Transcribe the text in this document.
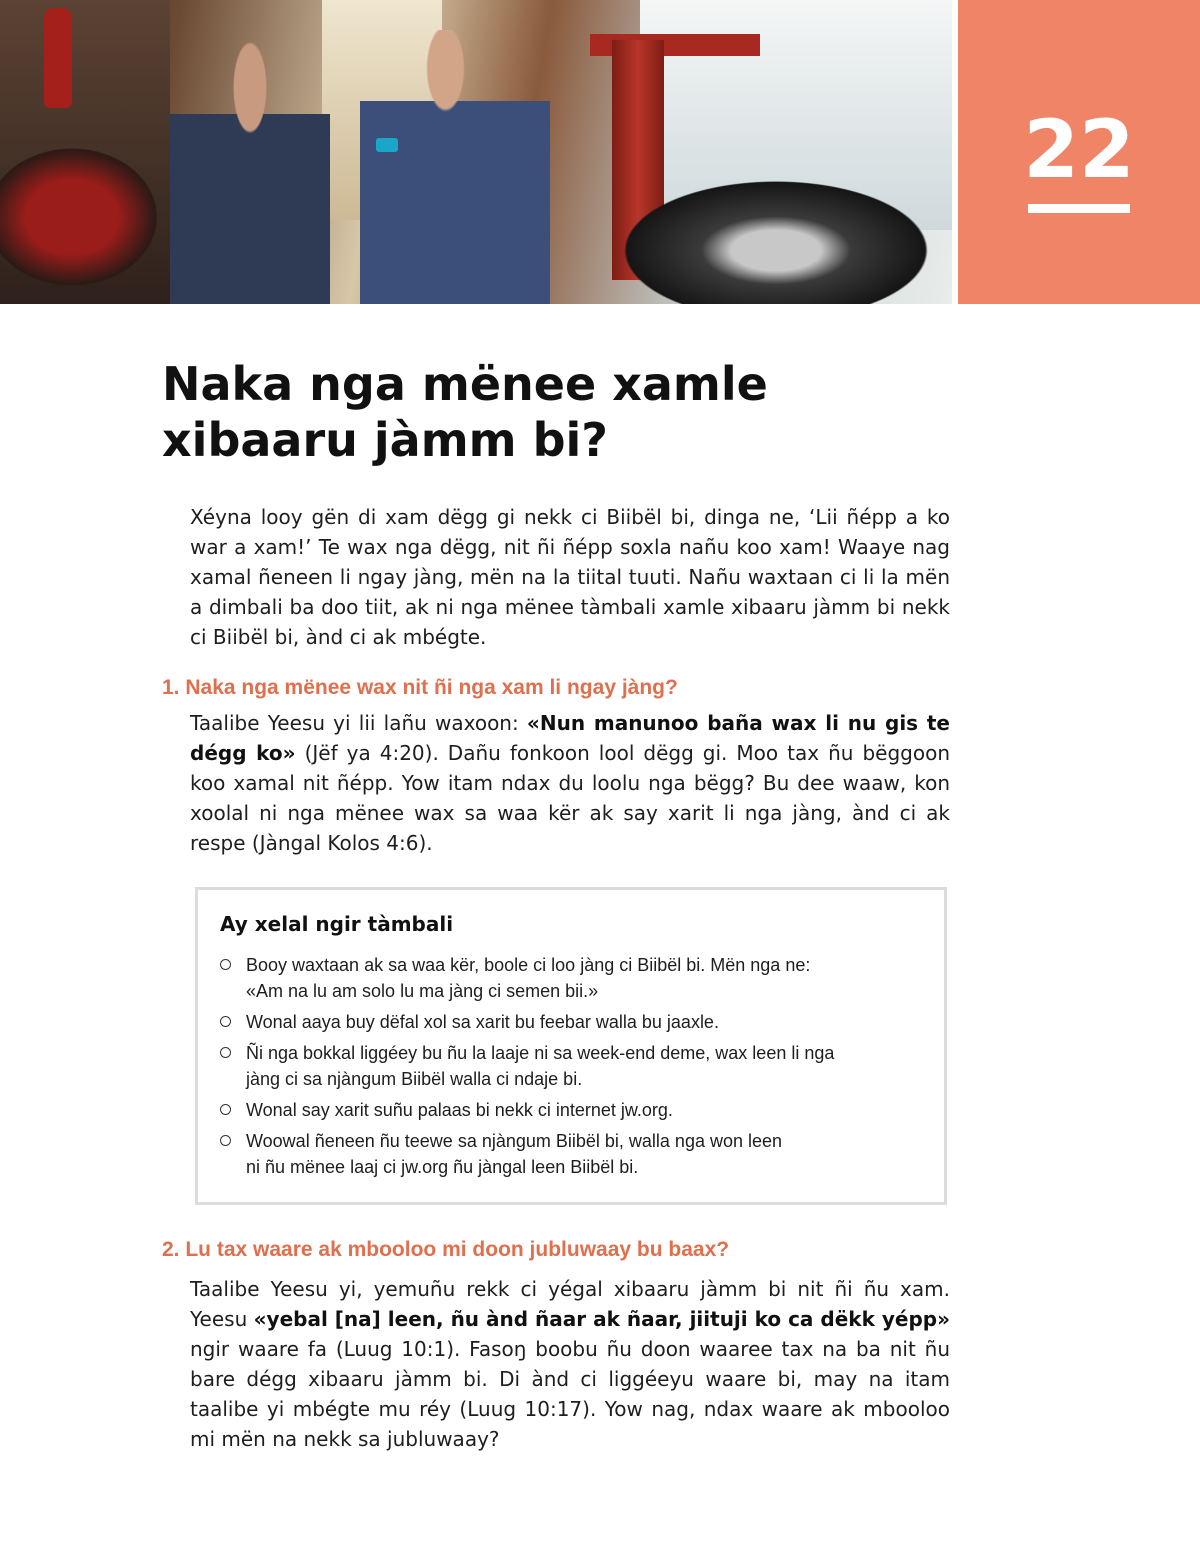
22
Naka nga mënee xamle
xibaaru jàmm bi?

Xéyna looy gën di xam dëgg gi nekk ci Biibël bi, dinga ne, ‘Lii ñépp a ko war a xam!’ Te wax nga dëgg, nit ñi ñépp soxla nañu koo xam! Waaye nag xamal ñeneen li ngay jàng, mën na la tiital tuuti. Nañu waxtaan ci li la mën a dimbali ba doo tiit, ak ni nga mënee tàmbali xamle xibaaru jàmm bi nekk ci Biibël bi, ànd ci ak mbégte.

1. Naka nga mënee wax nit ñi nga xam li ngay jàng?

Taalibe Yeesu yi lii lañu waxoon: «Nun manunoo baña wax li nu gis te dégg ko» (Jëf ya 4:20). Dañu fonkoon lool dëgg gi. Moo tax ñu bëggoon koo xamal nit ñépp. Yow itam ndax du loolu nga bëgg? Bu dee waaw, kon xoolal ni nga mënee wax sa waa kër ak say xarit li nga jàng, ànd ci ak respe (Jàngal Kolos 4:6).

Ay xelal ngir tàmbali
Booy waxtaan ak sa waa kër, boole ci loo jàng ci Biibël bi. Mën nga ne:
«Am na lu am solo lu ma jàng ci semen bii.»
Wonal aaya buy dëfal xol sa xarit bu feebar walla bu jaaxle.
Ñi nga bokkal liggéey bu ñu la laaje ni sa week-end deme, wax leen li nga
jàng ci sa njàngum Biibël walla ci ndaje bi.
Wonal say xarit suñu palaas bi nekk ci internet jw.org.
Woowal ñeneen ñu teewe sa njàngum Biibël bi, walla nga won leen
ni ñu mënee laaj ci jw.org ñu jàngal leen Biibël bi.
2. Lu tax waare ak mbooloo mi doon jubluwaay bu baax?

Taalibe Yeesu yi, yemuñu rekk ci yégal xibaaru jàmm bi nit ñi ñu xam. Yeesu «yebal [na] leen, ñu ànd ñaar ak ñaar, jiituji ko ca dëkk yépp» ngir waare fa (Luug 10:1). Fasoŋ boobu ñu doon waaree tax na ba nit ñu bare dégg xibaaru jàmm bi. Di ànd ci liggéeyu waare bi, may na itam taalibe yi mbégte mu réy (Luug 10:17). Yow nag, ndax waare ak mbooloo mi mën na nekk sa jubluwaay?
